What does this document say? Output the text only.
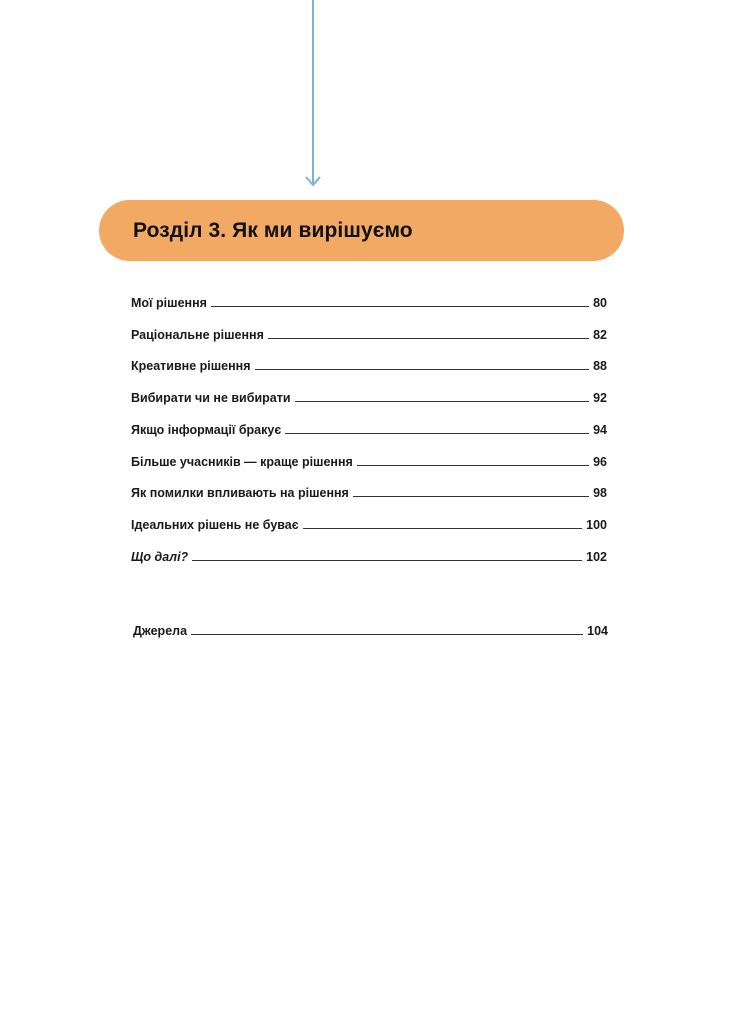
Розділ 3. Як ми вирішуємо
Мої рішення	80
Раціональне рішення	82
Креативне рішення	88
Вибирати чи не вибирати	92
Якщо інформації бракує	94
Більше учасників — краще рішення	96
Як помилки впливають на рішення	98
Ідеальних рішень не буває	100
Що далі?	102
Джерела	104
